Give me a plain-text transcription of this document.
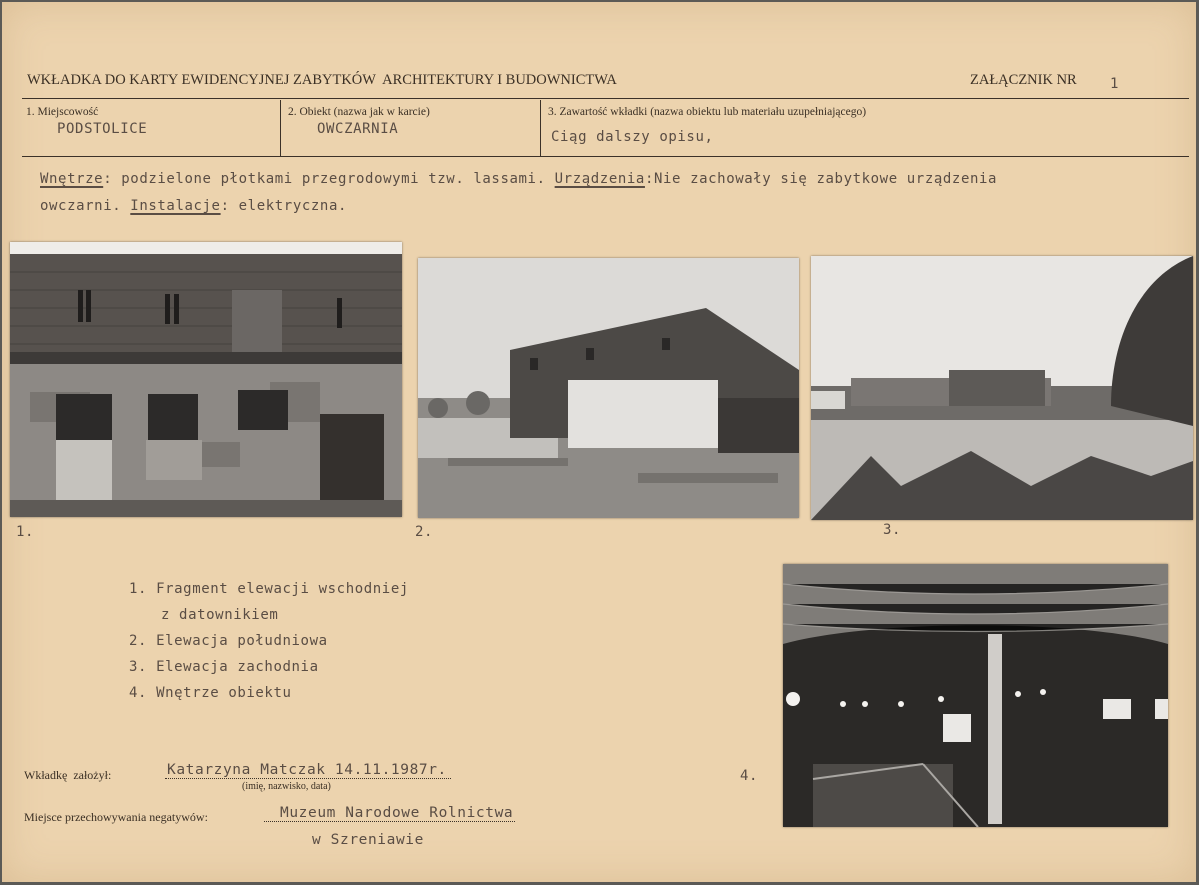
WKŁADKA DO KARTY EWIDENCYJNEJ ZABYTKÓW  ARCHITEKTURY I BUDOWNICTWA	ZAŁĄCZNIK NR 1
1. Miejscowość
PODSTOLICE
2. Obiekt (nazwa jak w karcie)
OWCZARNIA
3. Zawartość wkładki (nazwa obiektu lub materiału uzupełniającego)
Ciąg dalszy opisu,
Wnętrze: podzielone płotkami przegrodowymi tzw. lassami. Urządzenia:Nie zachowały się zabytkowe urządzenia
owczarni. Instalacje: elektryczna.
1.	2.	3.
4.
1. Fragment elewacji wschodniej
z datownikiem
2. Elewacja południowa
3. Elewacja zachodnia
4. Wnętrze obiektu
Wkładkę założył:	Katarzyna Matczak 14.11.1987r.
(imię, nazwisko, data)
Miejsce przechowywania negatywów:	Muzeum Narodowe Rolnictwa
w Szreniawie
